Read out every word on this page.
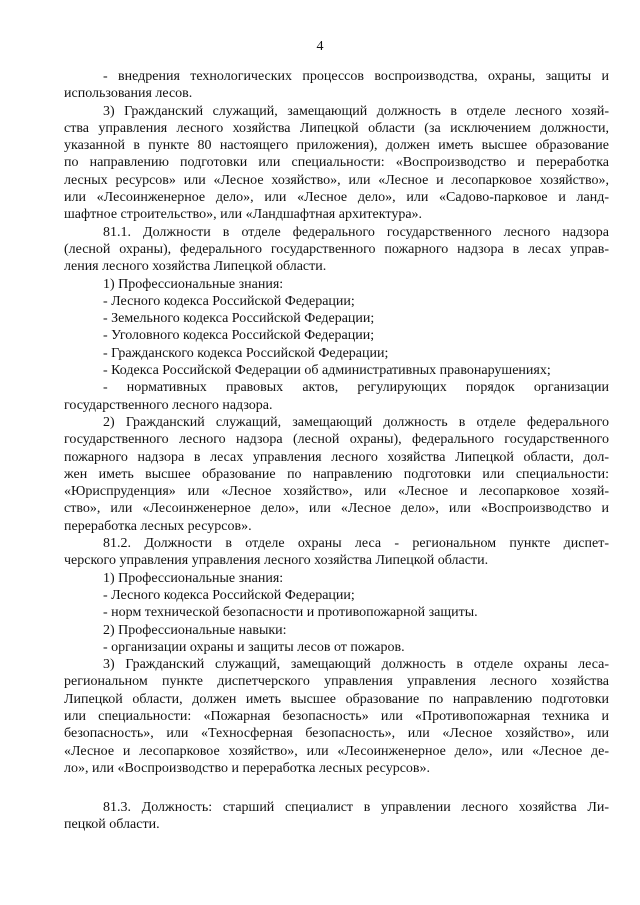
4
- внедрения технологических процессов воспроизводства, охраны, защиты и
использования лесов.
3) Гражданский служащий, замещающий должность в отделе лесного хозяй-
ства управления лесного хозяйства Липецкой области (за исключением должности,
указанной в пункте 80 настоящего приложения), должен иметь высшее образование
по направлению подготовки или специальности: «Воспроизводство и переработка
лесных ресурсов» или «Лесное хозяйство», или «Лесное и лесопарковое хозяйство»,
или «Лесоинженерное дело», или «Лесное дело», или «Садово-парковое и ланд-
шафтное строительство», или «Ландшафтная архитектура».
81.1. Должности в отделе федерального государственного лесного надзора
(лесной охраны), федерального государственного пожарного надзора в лесах управ-
ления лесного хозяйства Липецкой области.
1) Профессиональные знания:
- Лесного кодекса Российской Федерации;
- Земельного кодекса Российской Федерации;
- Уголовного кодекса Российской Федерации;
- Гражданского кодекса Российской Федерации;
- Кодекса Российской Федерации об административных правонарушениях;
- нормативных правовых актов, регулирующих порядок организации
государственного лесного надзора.
2) Гражданский служащий, замещающий должность в отделе федерального
государственного лесного надзора (лесной охраны), федерального государственного
пожарного надзора в лесах управления лесного хозяйства Липецкой области, дол-
жен иметь высшее образование по направлению подготовки или специальности:
«Юриспруденция» или «Лесное хозяйство», или «Лесное и лесопарковое хозяй-
ство», или «Лесоинженерное дело», или «Лесное дело», или «Воспроизводство и
переработка лесных ресурсов».
81.2. Должности в отделе охраны леса - региональном пункте диспет-
черского управления управления лесного хозяйства Липецкой области.
1) Профессиональные знания:
- Лесного кодекса Российской Федерации;
- норм технической безопасности и противопожарной защиты.
2) Профессиональные навыки:
- организации охраны и защиты лесов от пожаров.
3) Гражданский служащий, замещающий должность в отделе охраны леса-
региональном пункте диспетчерского управления управления лесного хозяйства
Липецкой области, должен иметь высшее образование по направлению подготовки
или специальности: «Пожарная безопасность» или «Противопожарная техника и
безопасность», или «Техносферная безопасность», или «Лесное хозяйство», или
«Лесное и лесопарковое хозяйство», или «Лесоинженерное дело», или «Лесное де-
ло», или «Воспроизводство и переработка лесных ресурсов».
81.3. Должность: старший специалист в управлении лесного хозяйства Ли-
пецкой области.
